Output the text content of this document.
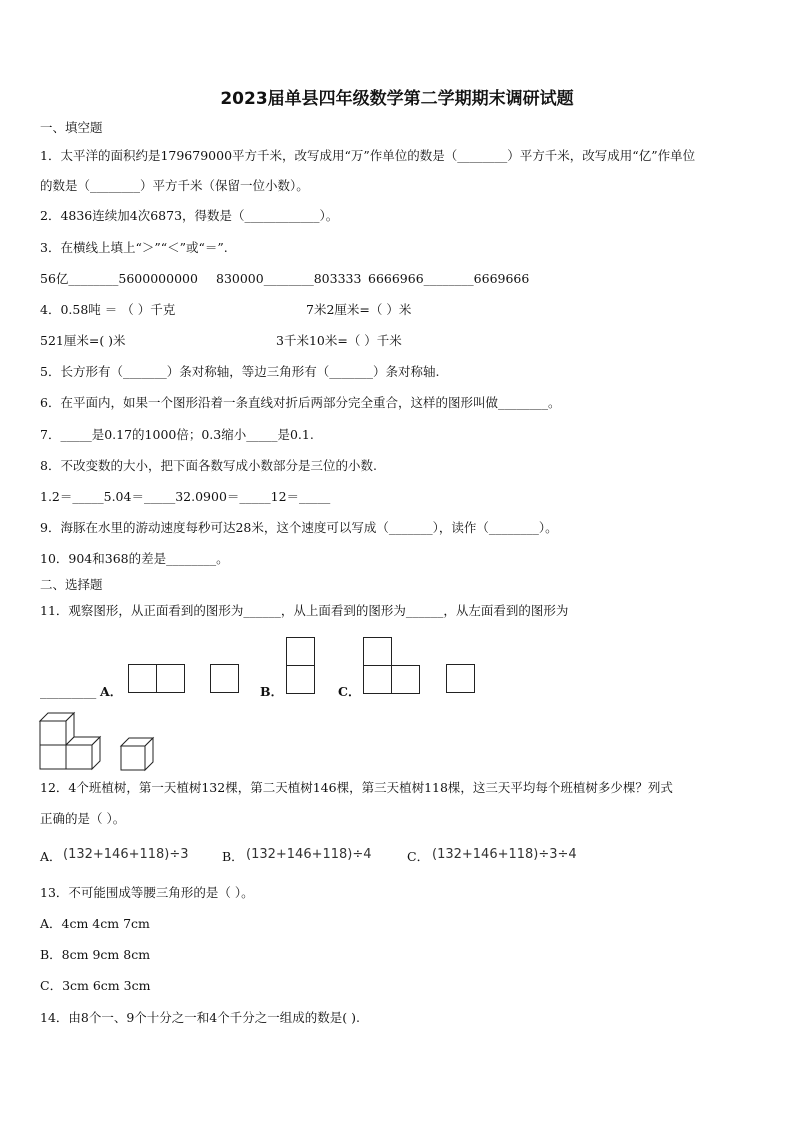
2023届单县四年级数学第二学期期末调研试题
一、填空题
1．太平洋的面积约是179679000平方千米，改写成用“万”作单位的数是（________）平方千米，改写成用“亿”作单位
的数是（________）平方千米（保留一位小数）。
2．4836连续加4次6873，得数是（____________）。
3．在横线上填上“＞”“＜”或“＝”.
56亿________5600000000 830000________803333 6666966________6669666
4．0.58吨 ＝ （ ）千克	7米2厘米=（ ）米
521厘米=( )米	3千米10米=（ ）千米
5．长方形有（_______）条对称轴，等边三角形有（_______）条对称轴.
6．在平面内，如果一个图形沿着一条直线对折后两部分完全重合，这样的图形叫做________。
7．_____是0.17的1000倍；0.3缩小_____是0.1.
8．不改变数的大小，把下面各数写成小数部分是三位的小数.
1.2＝_____5.04＝_____32.0900＝_____12＝_____
9．海豚在水里的游动速度每秒可达28米，这个速度可以写成（_______），读作（________）。
10．904和368的差是________。
二、选择题
11．观察图形，从正面看到的图形为______，从上面看到的图形为______，从左面看到的图形为
_________ A．	B．	C．
12．4个班植树，第一天植树132棵，第二天植树146棵，第三天植树118棵，这三天平均每个班植树多少棵？列式
正确的是（ ）。
A． (132+146+118)÷3	B． (132+146+118)÷4	C． (132+146+118)÷3÷4
13．不可能围成等腰三角形的是（ ）。
A．4cm 4cm 7cm
B．8cm 9cm 8cm
C．3cm 6cm 3cm
14．由8个一、9个十分之一和4个千分之一组成的数是( ).
